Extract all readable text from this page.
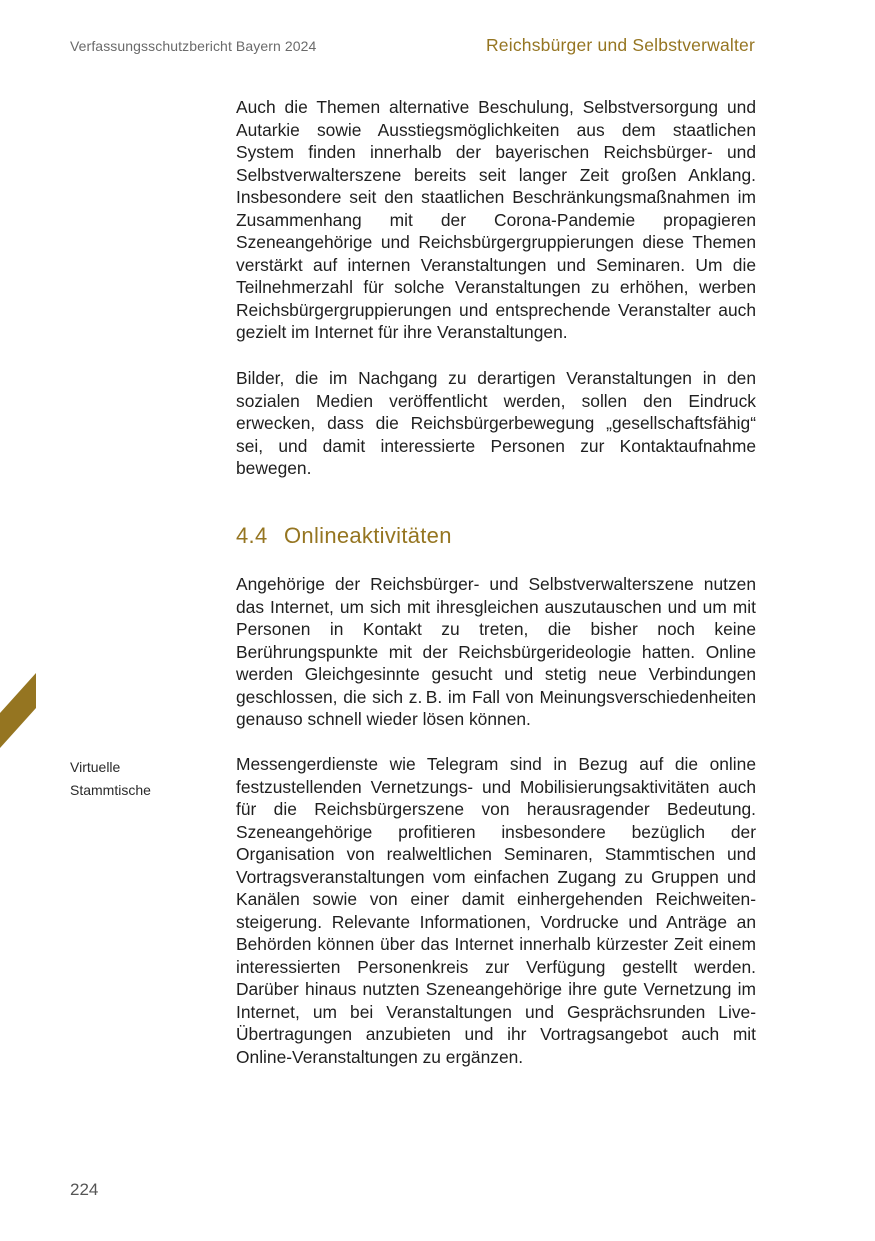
Verfassungsschutzbericht Bayern 2024	Reichsbürger und Selbstverwalter

Auch die Themen alternative Beschulung, Selbstversorgung und Autarkie sowie Ausstiegsmöglichkeiten aus dem staatlichen System finden innerhalb der bayerischen Reichsbürger- und Selbstverwalterszene bereits seit langer Zeit großen Anklang. Insbesondere seit den staatlichen Beschränkungsmaßnahmen im Zusammenhang mit der Corona-Pandemie propagieren Szeneangehörige und Reichsbürgergruppierungen diese Themen verstärkt auf internen Veranstaltungen und Seminaren. Um die Teilnehmerzahl für solche Veranstaltungen zu erhöhen, werben Reichsbürgergruppierungen und entsprechende Veranstalter auch gezielt im Internet für ihre Veranstaltungen.

Bilder, die im Nachgang zu derartigen Veranstaltungen in den sozialen Medien veröffentlicht werden, sollen den Eindruck erwecken, dass die Reichsbürgerbewegung „gesellschaftsfähig“ sei, und damit interessierte Personen zur Kontaktaufnahme bewegen.

4.4 Onlineaktivitäten

Angehörige der Reichsbürger- und Selbstverwalterszene nutzen das Internet, um sich mit ihresgleichen auszutauschen und um mit Personen in Kontakt zu treten, die bisher noch keine Berührungspunkte mit der Reichsbürgerideologie hatten. Online werden Gleichgesinnte gesucht und stetig neue Verbindungen geschlossen, die sich z. B. im Fall von Meinungsverschiedenheiten genauso schnell wieder lösen können.

Virtuelle
Stammtische

Messengerdienste wie Telegram sind in Bezug auf die online festzustellenden Vernetzungs- und Mobilisierungsaktivitäten auch für die Reichsbürgerszene von herausragender Bedeutung. Szeneangehörige profitieren insbesondere bezüglich der Organisation von realweltlichen Seminaren, Stammtischen und Vortragsveranstaltungen vom einfachen Zugang zu Gruppen und Kanälen sowie von einer damit einhergehenden Reichweitensteigerung. Relevante Informationen, Vordrucke und Anträge an Behörden können über das Internet innerhalb kürzester Zeit einem interessierten Personenkreis zur Verfügung gestellt werden. Darüber hinaus nutzten Szeneangehörige ihre gute Vernetzung im Internet, um bei Veranstaltungen und Gesprächsrunden Live-Übertragungen anzubieten und ihr Vortragsangebot auch mit Online-Veranstaltungen zu ergänzen.

224
